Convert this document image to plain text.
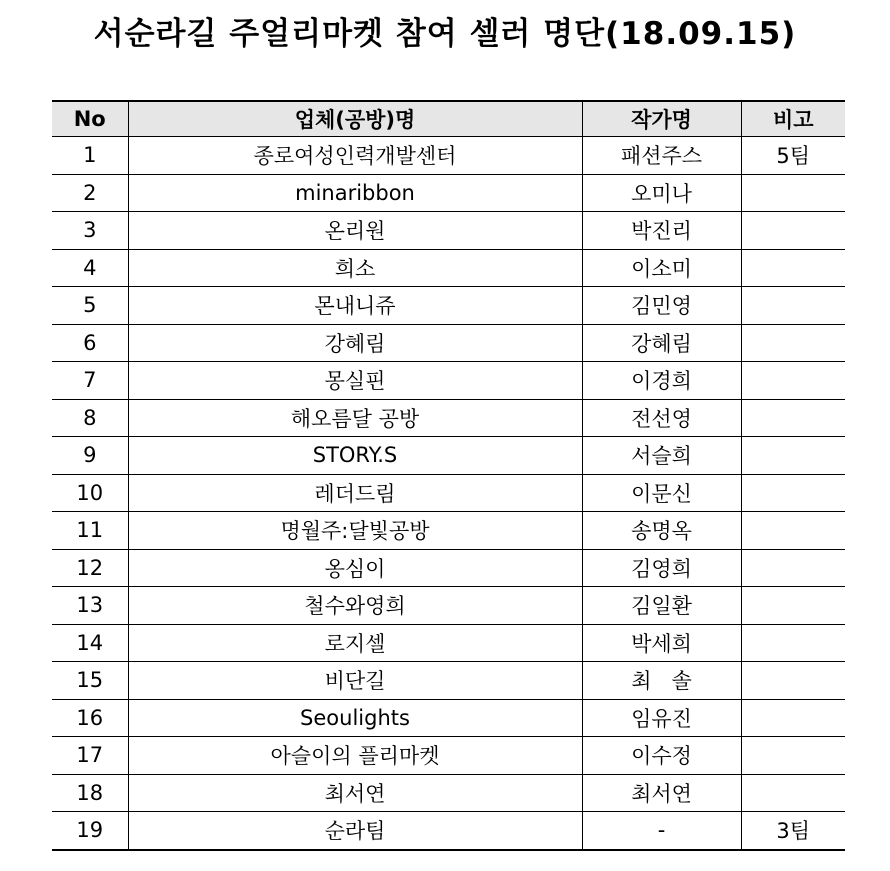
서순라길 주얼리마켓 참여 셀러 명단(18.09.15)
No	업체(공방)명	작가명	비고
1	종로여성인력개발센터	패션주스	5팀
2	minaribbon	오미나	
3	온리원	박진리	
4	희소	이소미	
5	몬내니쥬	김민영	
6	강혜림	강혜림	
7	몽실핀	이경희	
8	해오름달 공방	전선영	
9	STORY.S	서슬희	
10	레더드림	이문신	
11	명월주:달빛공방	송명옥	
12	옹심이	김영희	
13	철수와영희	김일환	
14	로지셀	박세희	
15	비단길	최   솔	
16	Seoulights	임유진	
17	아슬이의 플리마켓	이수정	
18	최서연	최서연	
19	순라팀	-	3팀
